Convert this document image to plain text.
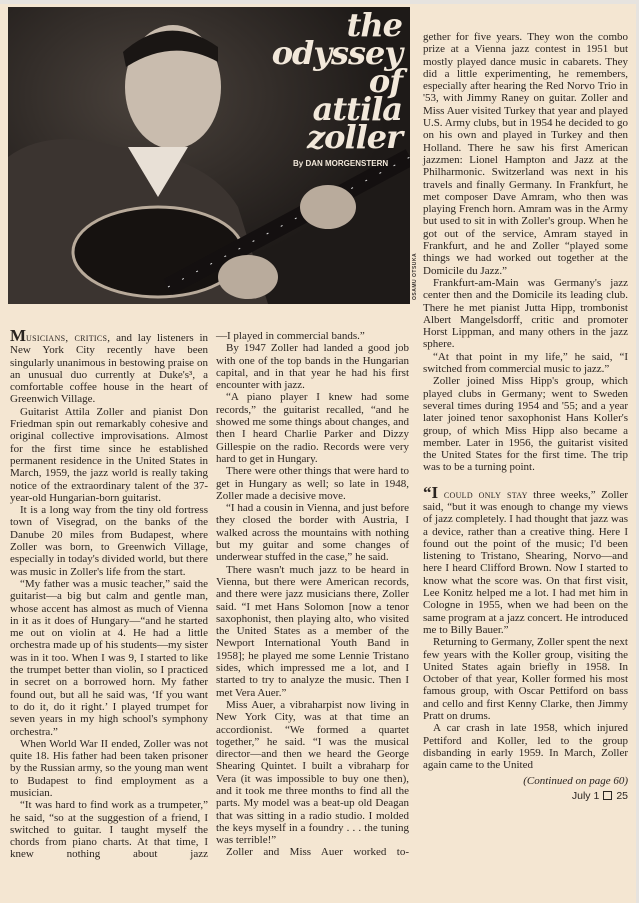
the
odyssey
of
attila
zoller
By DAN MORGENSTERN
OSAMU OTSUKA

Musicians, critics, and lay listeners in New York City recently have been singularly unanimous in bestowing praise on an unusual duo currently at Duke's³, a comfortable coffee house in the heart of Greenwich Village.

Guitarist Attila Zoller and pianist Don Friedman spin out remarkably cohesive and original collective improvisations. Almost for the first time since he established permanent residence in the United States in March, 1959, the jazz world is really taking notice of the extraordinary talent of the 37-year-old Hungarian-born guitarist.

It is a long way from the tiny old fortress town of Visegrad, on the banks of the Danube 20 miles from Budapest, where Zoller was born, to Greenwich Village, especially in today's divided world, but there was music in Zoller's life from the start.

“My father was a music teacher,” said the guitarist—a big but calm and gentle man, whose accent has almost as much of Vienna in it as it does of Hungary—“and he started me out on violin at 4. He had a little orchestra made up of his students—my sister was in it too. When I was 9, I started to like the trumpet better than violin, so I practiced in secret on a borrowed horn. My father found out, but all he said was, ‘If you want to do it, do it right.’ I played trumpet for seven years in my high school's symphony orchestra.”

When World War II ended, Zoller was not quite 18. His father had been taken prisoner by the Russian army, so the young man went to Budapest to find employment as a musician.

“It was hard to find work as a trumpeter,” he said, “so at the suggestion of a friend, I switched to guitar. I taught myself the chords from piano charts. At that time, I knew nothing about jazz

—I played in commercial bands.”

By 1947 Zoller had landed a good job with one of the top bands in the Hungarian capital, and in that year he had his first encounter with jazz.

“A piano player I knew had some records,” the guitarist recalled, “and he showed me some things about changes, and then I heard Charlie Parker and Dizzy Gillespie on the radio. Records were very hard to get in Hungary.

There were other things that were hard to get in Hungary as well; so late in 1948, Zoller made a decisive move.

“I had a cousin in Vienna, and just before they closed the border with Austria, I walked across the mountains with nothing but my guitar and some changes of underwear stuffed in the case,” he said.

There wasn't much jazz to be heard in Vienna, but there were American records, and there were jazz musicians there, Zoller said. “I met Hans Solomon [now a tenor saxophonist, then playing alto, who visited the United States as a member of the Newport International Youth Band in 1958]; he played me some Lennie Tristano sides, which impressed me a lot, and I started to try to analyze the music. Then I met Vera Auer.”

Miss Auer, a vibraharpist now living in New York City, was at that time an accordionist. “We formed a quartet together,” he said. “I was the musical director—and then we heard the George Shearing Quintet. I built a vibraharp for Vera (it was impossible to buy one then), and it took me three months to find all the parts. My model was a beat-up old Deagan that was sitting in a radio studio. I molded the keys myself in a foundry . . . the tuning was terrible!”

Zoller and Miss Auer worked to-

gether for five years. They won the combo prize at a Vienna jazz contest in 1951 but mostly played dance music in cabarets. They did a little experimenting, he remembers, especially after hearing the Red Norvo Trio in '53, with Jimmy Raney on guitar. Zoller and Miss Auer visited Turkey that year and played U.S. Army clubs, but in 1954 he decided to go on his own and played in Turkey and then Holland. There he saw his first American jazzmen: Lionel Hampton and Jazz at the Philharmonic. Switzerland was next in his travels and finally Germany. In Frankfurt, he met composer Dave Amram, who then was playing French horn. Amram was in the Army but used to sit in with Zoller's group. When he got out of the service, Amram stayed in Frankfurt, and he and Zoller “played some things we had worked out together at the Domicile du Jazz.”

Frankfurt-am-Main was Germany's jazz center then and the Domicile its leading club. There he met pianist Jutta Hipp, trombonist Albert Mangelsdorff, critic and promoter Horst Lippman, and many others in the jazz sphere.

“At that point in my life,” he said, “I switched from commercial music to jazz.”

Zoller joined Miss Hipp's group, which played clubs in Germany; went to Sweden several times during 1954 and '55; and a year later joined tenor saxophonist Hans Koller's group, of which Miss Hipp also became a member. Later in 1956, the guitarist visited the United States for the first time. The trip was to be a turning point.

“I could only stay three weeks,” Zoller said, “but it was enough to change my views of jazz completely. I had thought that jazz was a device, rather than a creative thing. Here I found out the point of the music; I'd been listening to Tristano, Shearing, Norvo—and here I heard Clifford Brown. Now I started to know what the score was. On that first visit, Lee Konitz helped me a lot. I had met him in Cologne in 1955, when we had been on the same program at a jazz concert. He introduced me to Billy Bauer.”

Returning to Germany, Zoller spent the next few years with the Koller group, visiting the United States again briefly in 1958. In October of that year, Koller formed his most famous group, with Oscar Pettiford on bass and cello and first Kenny Clarke, then Jimmy Pratt on drums.

A car crash in late 1958, which injured Pettiford and Koller, led to the group disbanding in early 1959. In March, Zoller again came to the United

(Continued on page 60)
July 1 25
